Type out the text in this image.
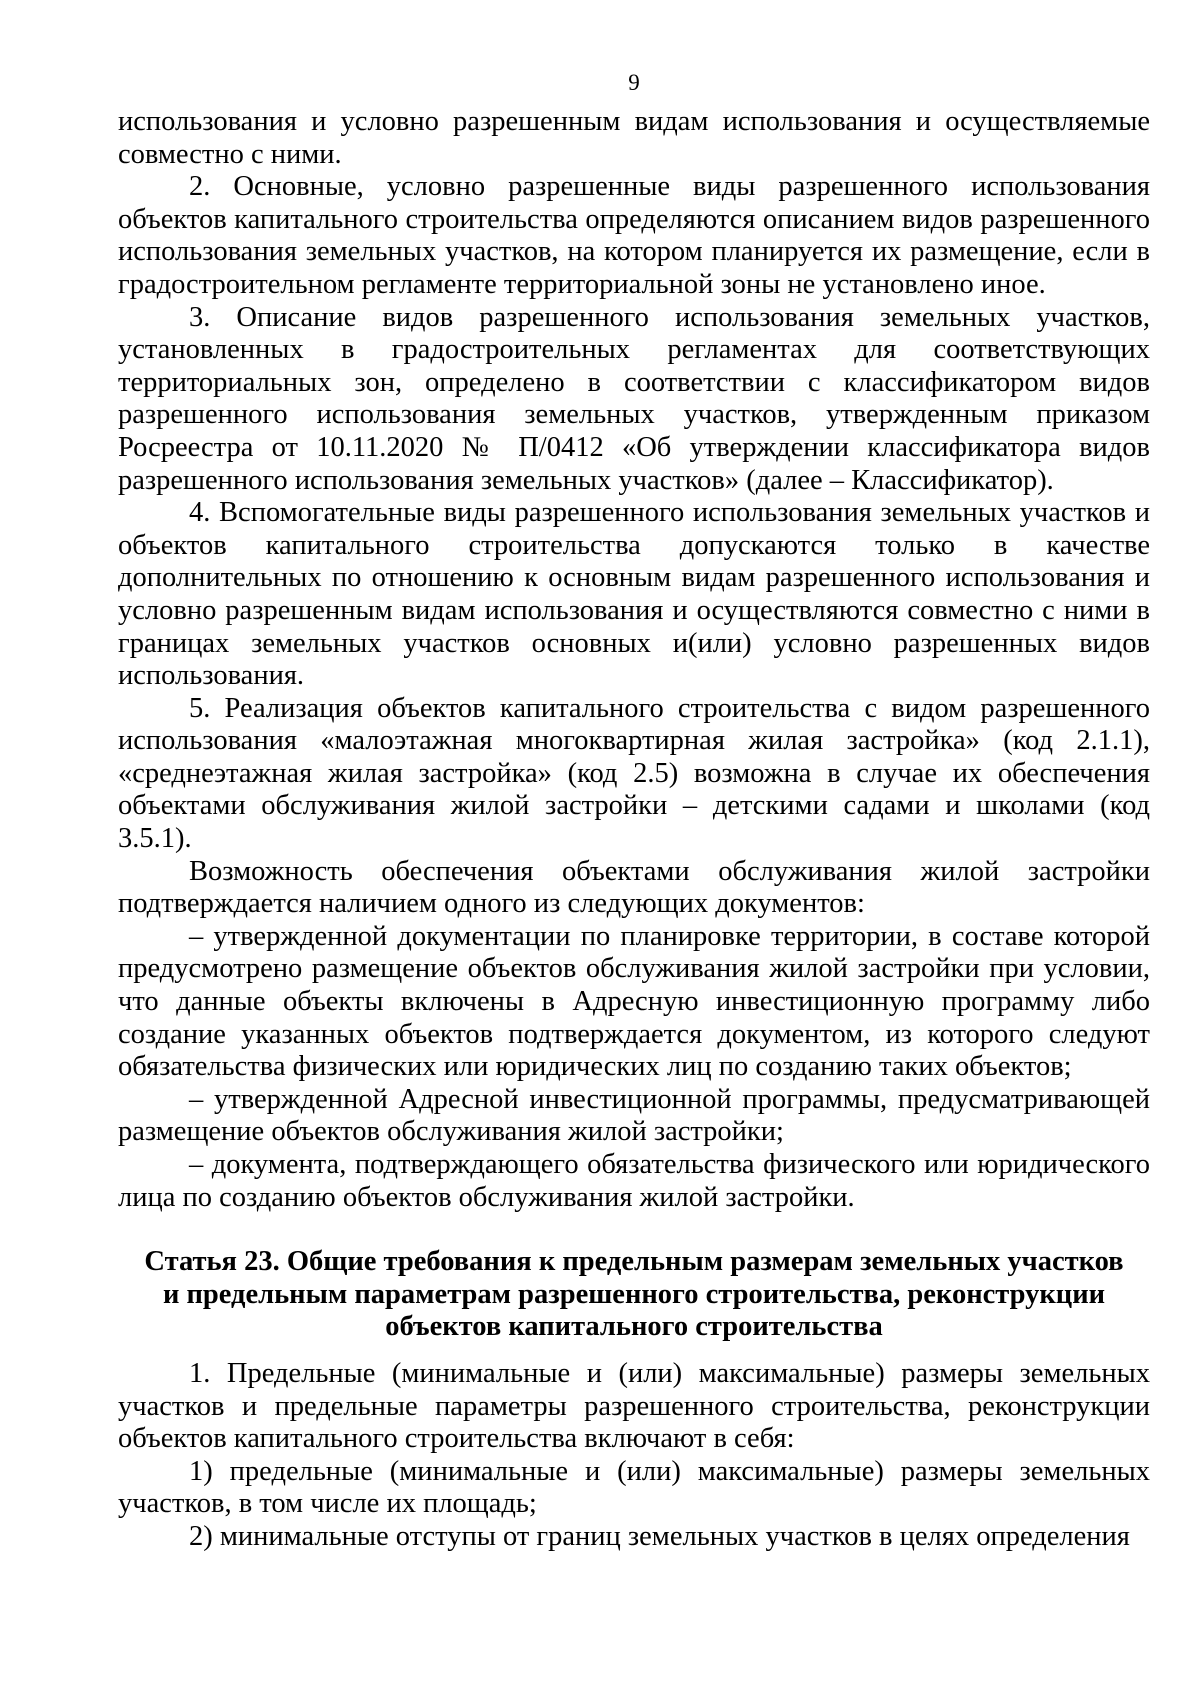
9

использования и условно разрешенным видам использования и осуществляемые совместно с ними.

2. Основные, условно разрешенные виды разрешенного использования объектов капитального строительства определяются описанием видов разрешенного использования земельных участков, на котором планируется их размещение, если в градостроительном регламенте территориальной зоны не установлено иное.

3. Описание видов разрешенного использования земельных участков, установленных в градостроительных регламентах для соответствующих территориальных зон, определено в соответствии с классификатором видов разрешенного использования земельных участков, утвержденным приказом Росреестра от 10.11.2020 № П/0412 «Об утверждении классификатора видов разрешенного использования земельных участков» (далее – Классификатор).

4. Вспомогательные виды разрешенного использования земельных участков и объектов капитального строительства допускаются только в качестве дополнительных по отношению к основным видам разрешенного использования и условно разрешенным видам использования и осуществляются совместно с ними в границах земельных участков основных и(или) условно разрешенных видов использования.

5. Реализация объектов капитального строительства с видом разрешенного использования «малоэтажная многоквартирная жилая застройка» (код 2.1.1), «среднеэтажная жилая застройка» (код 2.5) возможна в случае их обеспечения объектами обслуживания жилой застройки – детскими садами и школами (код 3.5.1).

Возможность обеспечения объектами обслуживания жилой застройки подтверждается наличием одного из следующих документов:

– утвержденной документации по планировке территории, в составе которой предусмотрено размещение объектов обслуживания жилой застройки при условии, что данные объекты включены в Адресную инвестиционную программу либо создание указанных объектов подтверждается документом, из которого следуют обязательства физических или юридических лиц по созданию таких объектов;

– утвержденной Адресной инвестиционной программы, предусматривающей размещение объектов обслуживания жилой застройки;

– документа, подтверждающего обязательства физического или юридического лица по созданию объектов обслуживания жилой застройки.

Статья 23. Общие требования к предельным размерам земельных участков
и предельным параметрам разрешенного строительства, реконструкции
объектов капитального строительства

1. Предельные (минимальные и (или) максимальные) размеры земельных участков и предельные параметры разрешенного строительства, реконструкции объектов капитального строительства включают в себя:

1) предельные (минимальные и (или) максимальные) размеры земельных участков, в том числе их площадь;

2) минимальные отступы от границ земельных участков в целях определения
